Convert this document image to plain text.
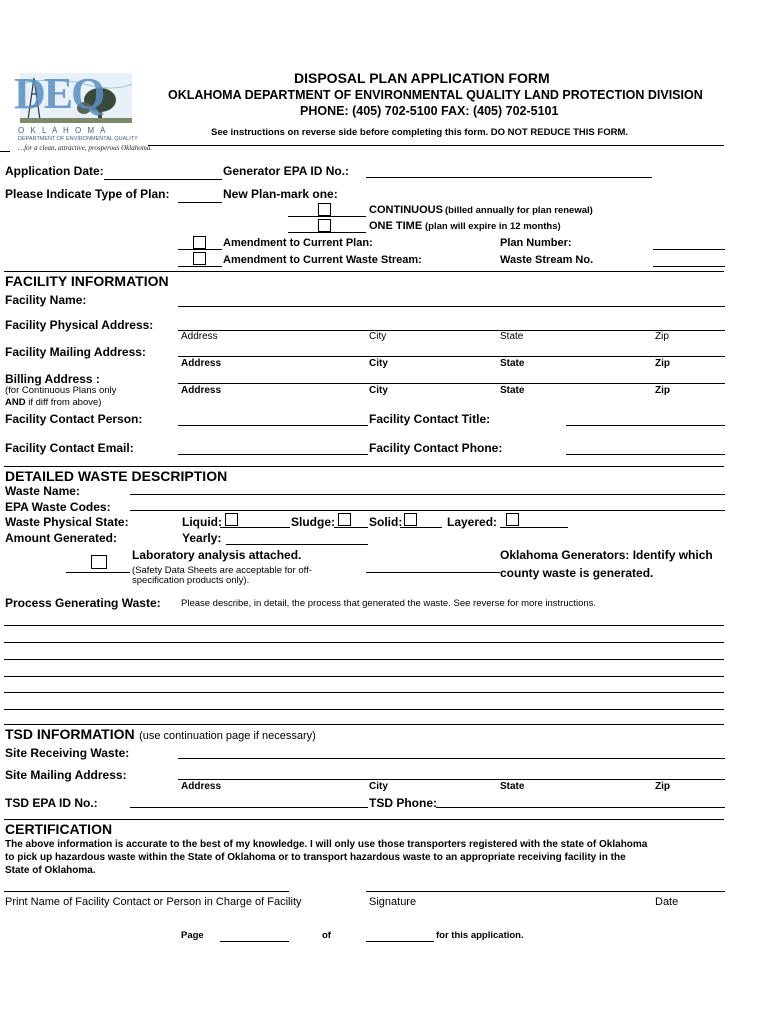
DEQ
O K L A H O M A
DEPARTMENT OF ENVIRONMENTAL QUALITY
…for a clean, attractive, prosperous Oklahoma.
DISPOSAL PLAN APPLICATION FORM
OKLAHOMA DEPARTMENT OF ENVIRONMENTAL QUALITY LAND PROTECTION DIVISION
PHONE: (405) 702-5100 FAX: (405) 702-5101
See instructions on reverse side before completing this form. DO NOT REDUCE THIS FORM.
Application Date:	Generator EPA ID No.:
Please Indicate Type of Plan:	New Plan-mark one:
CONTINUOUS (billed annually for plan renewal)
ONE TIME (plan will expire in 12 months)
Amendment to Current Plan:	Plan Number:
Amendment to Current Waste Stream:	Waste Stream No.
FACILITY INFORMATION
Facility Name:
Facility Physical Address:
Address	City	State	Zip
Facility Mailing Address:
Address	City	State	Zip
Billing Address :
(for Continuous Plans only
AND if diff from above)
Address	City	State	Zip
Facility Contact Person:	Facility Contact Title:
Facility Contact Email:	Facility Contact Phone:
DETAILED WASTE DESCRIPTION
Waste Name:
EPA Waste Codes:
Waste Physical State:	Liquid:	Sludge:	Solid:	Layered:
Amount Generated:	Yearly:
Laboratory analysis attached.
(Safety Data Sheets are acceptable for off-
specification products only).
Oklahoma Generators: Identify which
county waste is generated.
Process Generating Waste: Please describe, in detail, the process that generated the waste. See reverse for more instructions.
TSD INFORMATION (use continuation page if necessary)
Site Receiving Waste:
Site Mailing Address:
Address	City	State	Zip
TSD EPA ID No.:	TSD Phone:
CERTIFICATION
The above information is accurate to the best of my knowledge. I will only use those transporters registered with the state of Oklahoma
to pick up hazardous waste within the State of Oklahoma or to transport hazardous waste to an appropriate receiving facility in the
State of Oklahoma.
Print Name of Facility Contact or Person in Charge of Facility	Signature	Date
Page	of	for this application.
